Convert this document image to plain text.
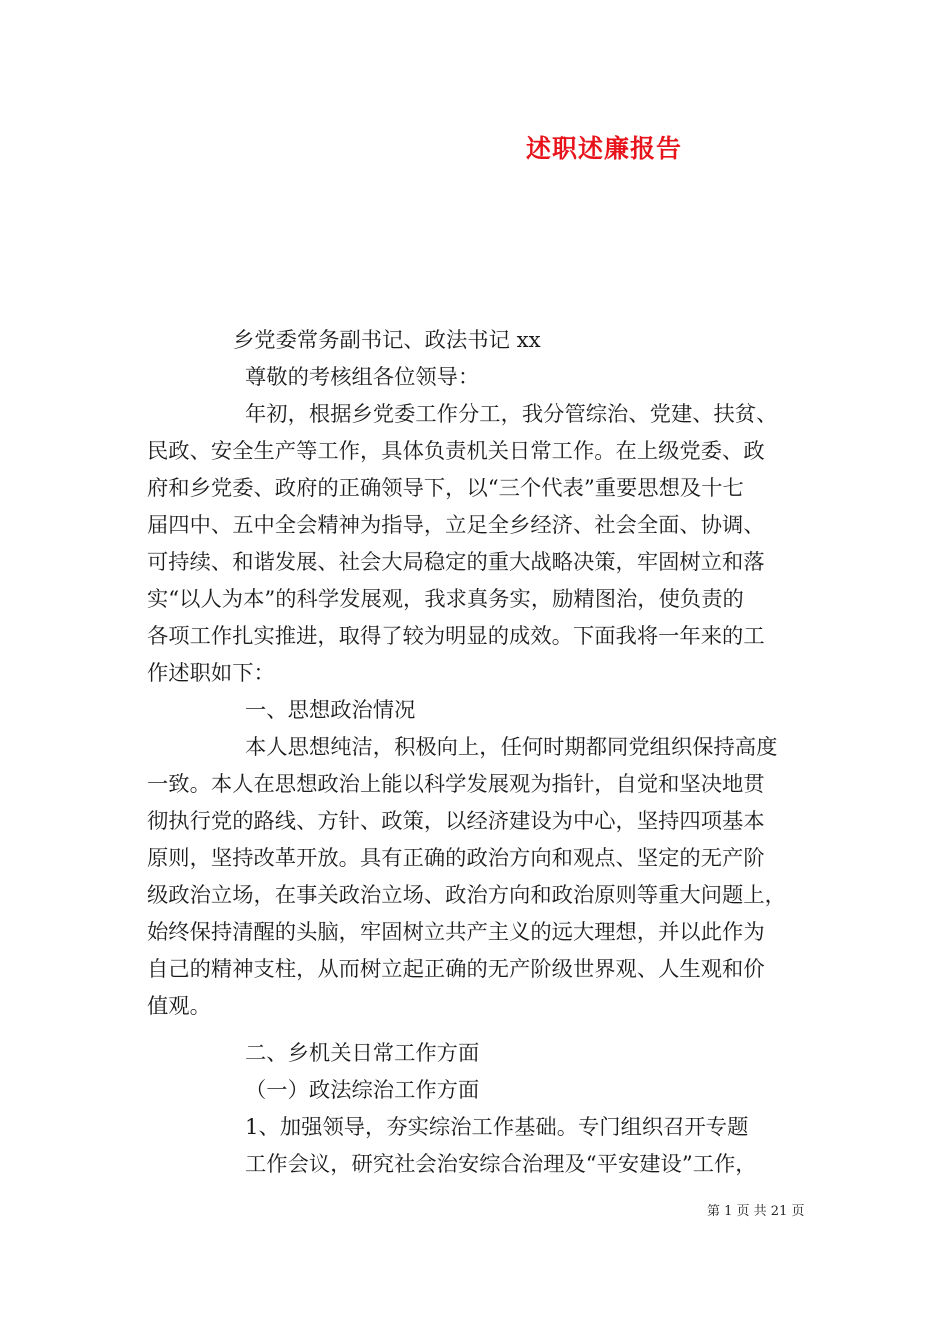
述职述廉报告
乡党委常务副书记、政法书记 xx
尊敬的考核组各位领导：
年初，根据乡党委工作分工，我分管综治、党建、扶贫、
民政、安全生产等工作，具体负责机关日常工作。在上级党委、政
府和乡党委、政府的正确领导下，以“三个代表”重要思想及十七
届四中、五中全会精神为指导，立足全乡经济、社会全面、协调、
可持续、和谐发展、社会大局稳定的重大战略决策，牢固树立和落
实“以人为本”的科学发展观，我求真务实，励精图治，使负责的
各项工作扎实推进，取得了较为明显的成效。下面我将一年来的工
作述职如下：
一、思想政治情况
本人思想纯洁，积极向上，任何时期都同党组织保持高度
一致。本人在思想政治上能以科学发展观为指针，自觉和坚决地贯
彻执行党的路线、方针、政策，以经济建设为中心，坚持四项基本
原则，坚持改革开放。具有正确的政治方向和观点、坚定的无产阶
级政治立场，在事关政治立场、政治方向和政治原则等重大问题上，
始终保持清醒的头脑，牢固树立共产主义的远大理想，并以此作为
自己的精神支柱，从而树立起正确的无产阶级世界观、人生观和价
值观。
二、乡机关日常工作方面
（一）政法综治工作方面
1、加强领导，夯实综治工作基础。专门组织召开专题
工作会议，研究社会治安综合治理及“平安建设”工作，
第 1 页 共 21 页
